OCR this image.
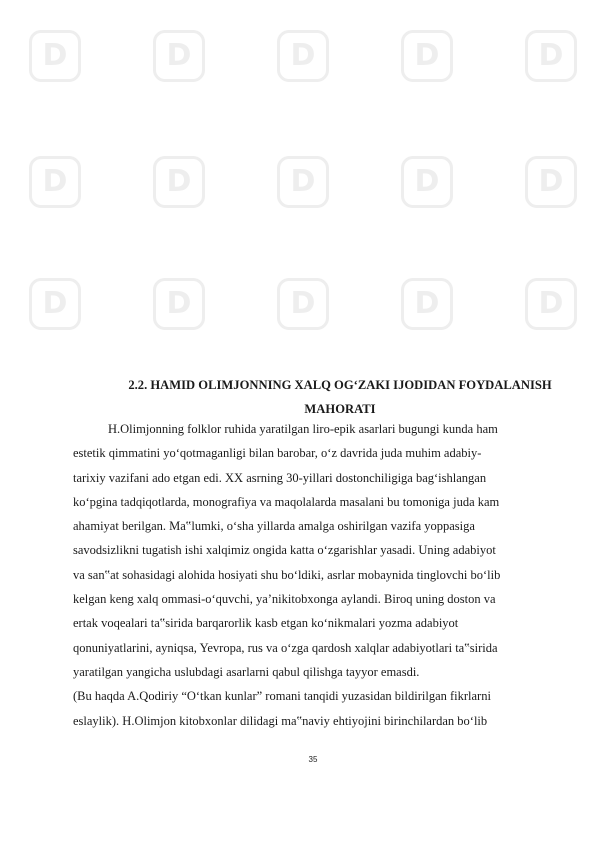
D	D	D	D	D
D	D	D	D	D
D	D	D	D	D
2.2. HAMID OLIMJONNING XALQ OG‘ZAKI IJODIDAN FOYDALANISH
MAHORATI
H.Olimjonning folklor ruhida yaratilgan liro-epik asarlari bugungi kunda ham
estetik qimmatini yo‘qotmaganligi bilan barobar, o‘z davrida juda muhim adabiy-
tarixiy vazifani ado etgan edi. XX asrning 30-yillari dostonchiligiga bag‘ishlangan
ko‘pgina tadqiqotlarda, monografiya va maqolalarda masalani bu tomoniga juda kam
ahamiyat berilgan. Ma‟lumki, o‘sha yillarda amalga oshirilgan vazifa yoppasiga
savodsizlikni tugatish ishi xalqimiz ongida katta o‘zgarishlar yasadi. Uning adabiyot
va san‟at sohasidagi alohida hosiyati shu bo‘ldiki, asrlar mobaynida tinglovchi bo‘lib
kelgan keng xalq ommasi-o‘quvchi, ya’nikitobxonga aylandi. Biroq uning doston va
ertak voqealari ta‟sirida barqarorlik kasb etgan ko‘nikmalari yozma adabiyot
qonuniyatlarini, ayniqsa, Yevropa, rus va o‘zga qardosh xalqlar adabiyotlari ta‟sirida
yaratilgan yangicha uslubdagi asarlarni qabul qilishga tayyor emasdi.
(Bu haqda A.Qodiriy “O‘tkan kunlar” romani tanqidi yuzasidan bildirilgan fikrlarni
eslaylik). H.Olimjon kitobxonlar dilidagi ma‟naviy ehtiyojini birinchilardan bo‘lib
35
